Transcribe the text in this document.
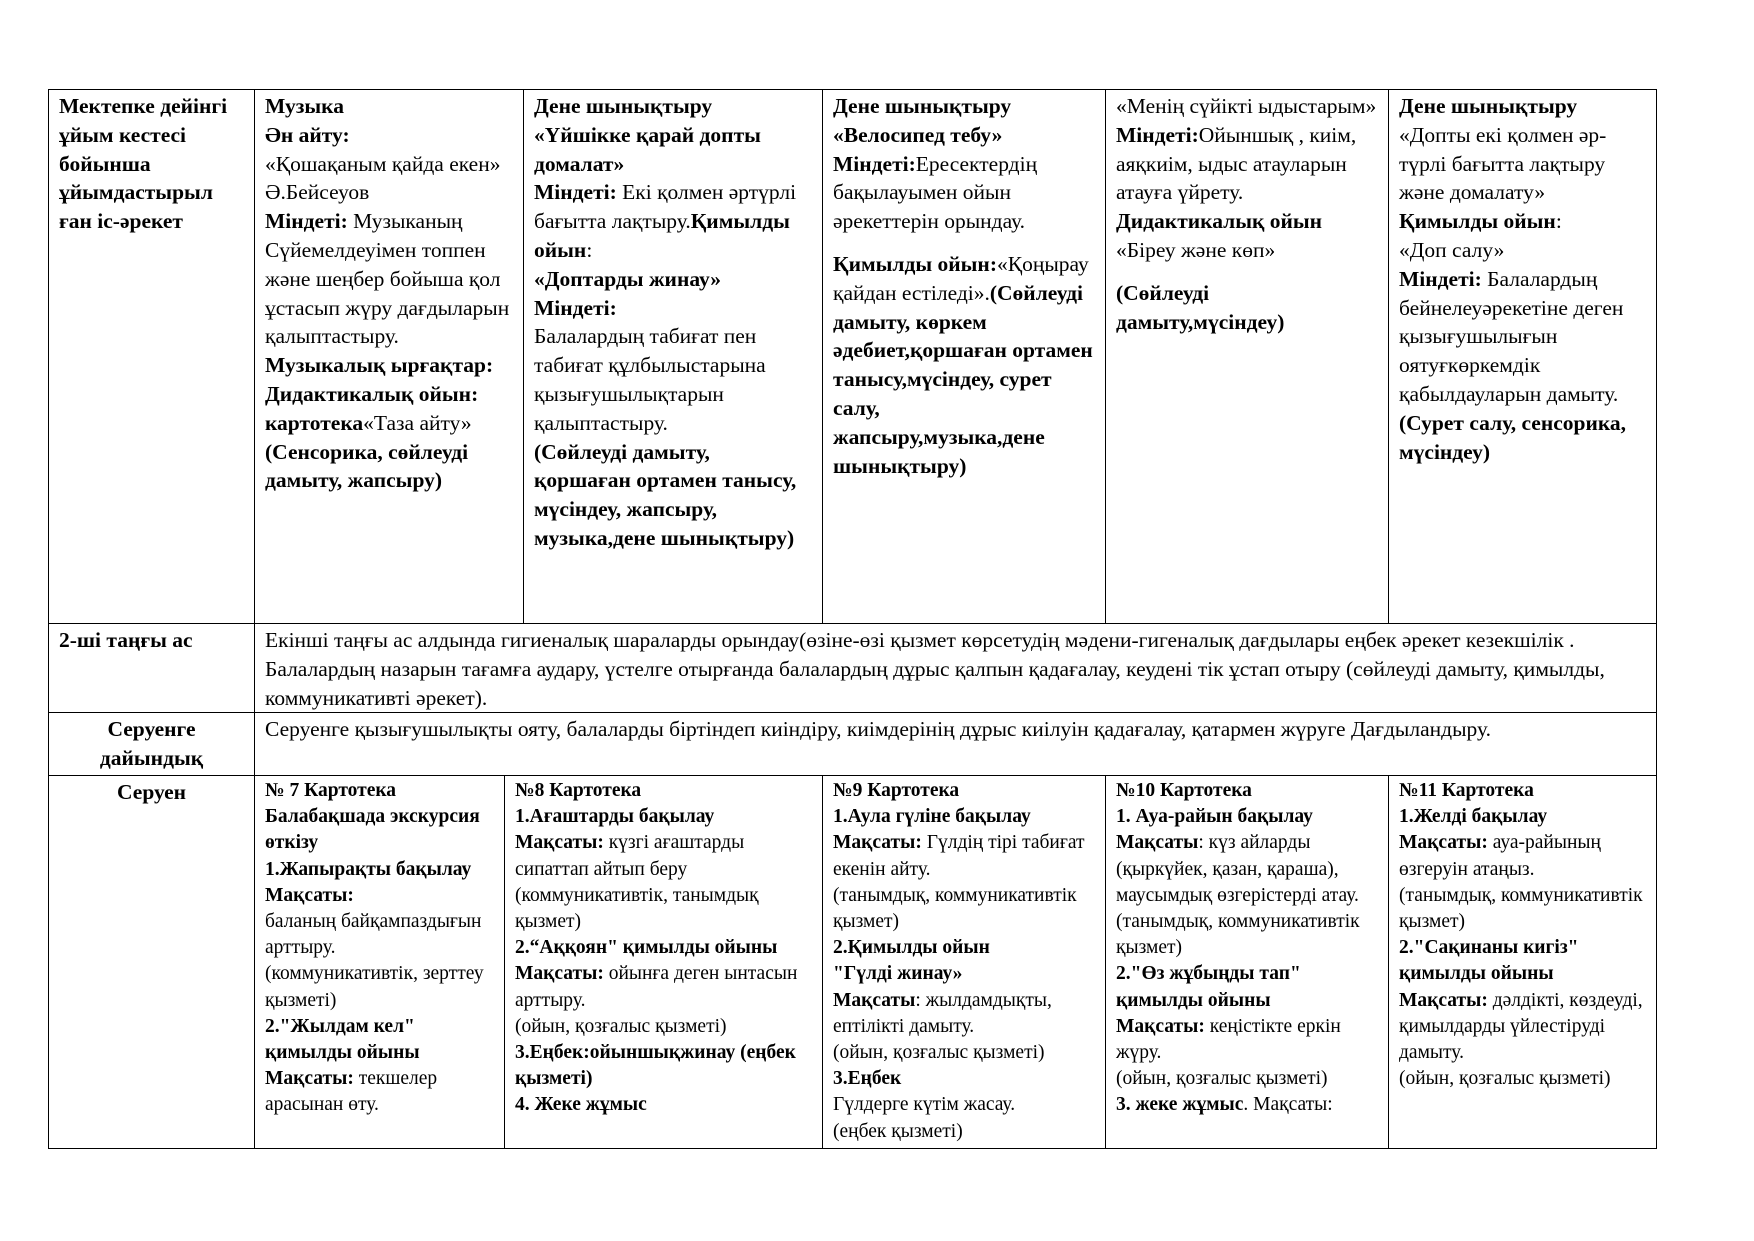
Мектепке дейінгі ұйым кестесі бойынша ұйымдастырыл ған іс-әрекет
Музыка
Ән айту:
«Қошақаным қайда екен» Ә.Бейсеуов
Міндеті: Музыканың Сүйемелдеуімен топпен және шеңбер бойыша қол ұстасып жүру дағдыларын қалыптастыру.
Музыкалық ырғақтар:
Дидактикалық ойын:
картотека«Таза айту»
(Сенсорика, сөйлеуді дамыту, жапсыру)
Дене шынықтыру
«Үйшікке қарай допты домалат»
Міндеті: Екі қолмен әртүрлі бағытта лақтыру.Қимылды ойын:
«Доптарды жинау»
Міндеті:
Балалардың табиғат пен табиғат құлбылыстарына қызығушылықтарын қалыптастыру.
(Сөйлеуді дамыту, қоршаған ортамен танысу, мүсіндеу, жапсыру, музыка,дене шынықтыру)
Дене шынықтыру
«Велосипед тебу»
Міндеті:Ересектердің бақылауымен ойын әрекеттерін орындау.
Қимылды ойын:«Қоңырау қайдан естіледі».(Сөйлеуді дамыту, көркем әдебиет,қоршаған ортамен танысу,мүсіндеу, сурет салу, жапсыру,музыка,дене шынықтыру)
«Менің сүйікті ыдыстарым»
Міндеті:Ойыншық , киім, аяқкиім, ыдыс атауларын атауға үйрету.
Дидактикалық ойын
«Біреу және көп»
(Сөйлеуді дамыту,мүсіндеу)
Дене шынықтыру
«Допты екі қолмен әр-түрлі бағытта лақтыру және домалату»
Қимылды ойын:
«Доп салу»
Міндеті: Балалардың бейнелеуәрекетіне деген қызығушылығын оятуғкөркемдік қабылдауларын дамыту.
(Сурет салу, сенсорика, мүсіндеу)
2-ші таңғы ас	Екінші таңғы ас алдында гигиеналық шараларды орындау(өзіне-өзі қызмет көрсетудің мәдени-гигеналық дағдылары еңбек әрекет кезекшілік . Балалардың назарын тағамға аудару, үстелге отырғанда балалардың дұрыс қалпын қадағалау, кеудені тік ұстап отыру (сөйлеуді дамыту, қимылды, коммуникативті әрекет).
Серуенге
дайындық
Серуенге қызығушылықты ояту, балаларды біртіндеп киіндіру, киімдерінің дұрыс киілуін қадағалау, қатармен жүруге Дағдыландыру.
Серуен	№ 7 Картотека
Балабақшада экскурсия өткізу
1.Жапырақты бақылау Мақсаты:
баланың байқампаздығын арттыру.
(коммуникативтік, зерттеу қызметі)
2."Жылдам кел" қимылды ойыны
Мақсаты: текшелер арасынан өту.
№8 Картотека
1.Ағаштарды бақылау
Мақсаты: күзгі ағаштарды сипаттап айтып беру
(коммуникативтік, танымдық қызмет)
2.“Аққоян" қимылды ойыны
Мақсаты: ойынға деген ынтасын арттыру.
(ойын, қозғалыс қызметі)
3.Еңбек:ойыншықжинау (еңбек қызметі)
4. Жеке жұмыс
№9 Картотека
1.Аула гүліне бақылау
Мақсаты: Гүлдің тірі табиғат екенін айту.
(танымдық, коммуникативтік қызмет)
2.Қимылды ойын
"Гүлді жинау»
Мақсаты: жылдамдықты, ептілікті дамыту.
(ойын, қозғалыс қызметі)
3.Еңбек
Гүлдерге күтім жасау.
(еңбек қызметі)
№10 Картотека
1. Ауа-райын бақылау
Мақсаты: күз айларды (қыркүйек, қазан, қараша), маусымдық өзгерістерді атау.
(танымдық, коммуникативтік қызмет)
2."Өз жұбыңды тап" қимылды ойыны
Мақсаты: кеңістікте еркін жүру.
(ойын, қозғалыс қызметі)
3. жеке жұмыс. Мақсаты:
№11 Картотека
1.Желді бақылау
Мақсаты: ауа-райының өзгеруін атаңыз.
(танымдық, коммуникативтік қызмет)
2."Сақинаны кигіз" қимылды ойыны
Мақсаты: дәлдікті, көздеуді, қимылдарды үйлестіруді дамыту.
(ойын, қозғалыс қызметі)
